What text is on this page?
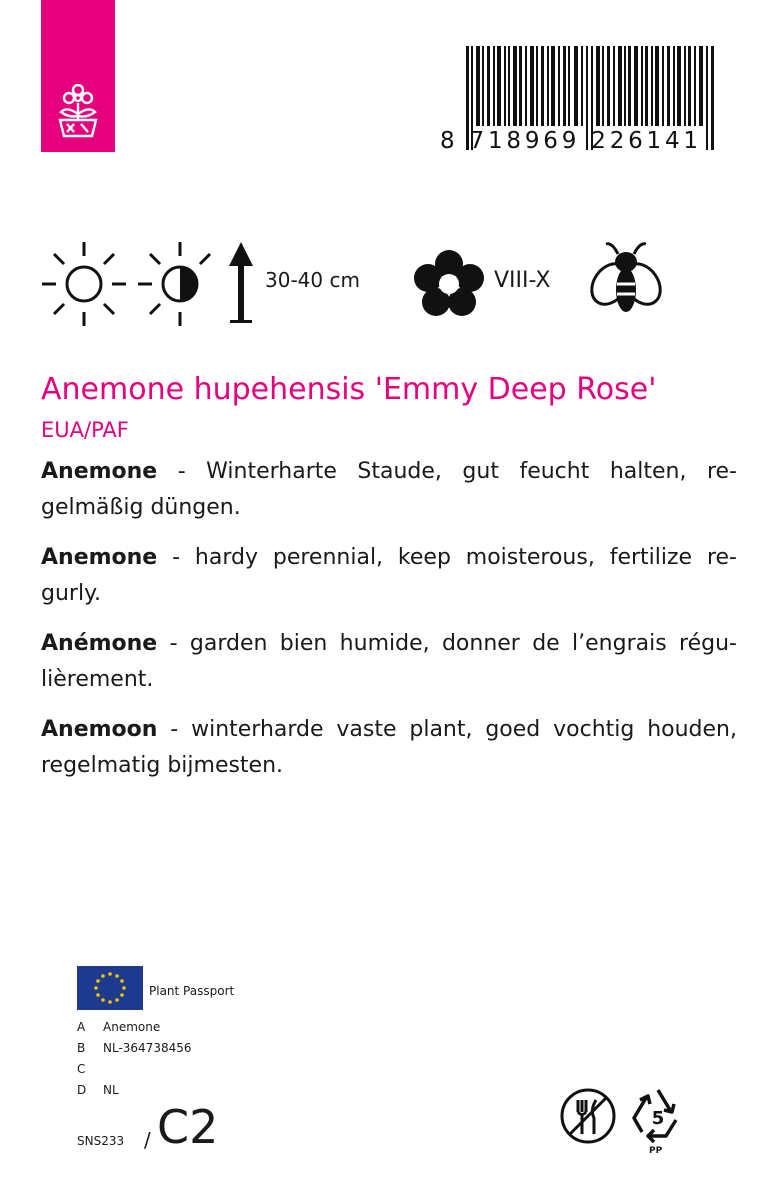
8 718969 226141
30-40 cm	VIII-X
Anemone hupehensis 'Emmy Deep Rose'
EUA/PAF

Anemone - Winterharte Staude, gut feucht halten, re-gelmäßig düngen.

Anemone - hardy perennial, keep moisterous, fertilize re-gurly.

Anémone - garden bien humide, donner de l’engrais régu-lièrement.

Anemoon - winterharde vaste plant, goed vochtig houden, regelmatig bijmesten.

Plant Passport
A Anemone
B NL-364738456
C
D NL
SNS233 / C2	5
PP
